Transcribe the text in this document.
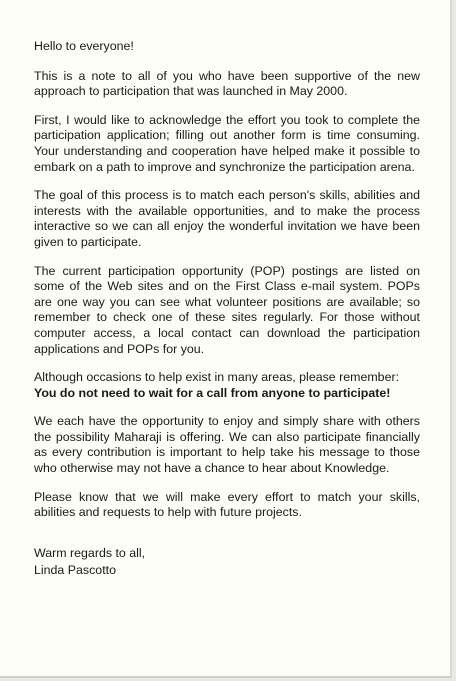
Hello to everyone!

This is a note to all of you who have been supportive of the new approach to participation that was launched in May 2000.

First, I would like to acknowledge the effort you took to complete the participation application; filling out another form is time consuming. Your understanding and cooperation have helped make it possible to embark on a path to improve and synchronize the participation arena.

The goal of this process is to match each person's skills, abilities and interests with the available opportunities, and to make the process interactive so we can all enjoy the wonderful invitation we have been given to participate.

The current participation opportunity (POP) postings are listed on some of the Web sites and on the First Class e-mail system. POPs are one way you can see what volunteer positions are available; so remember to check one of these sites regularly. For those without computer access, a local contact can download the participation applications and POPs for you.

Although occasions to help exist in many areas, please remember:
You do not need to wait for a call from anyone to participate!

We each have the opportunity to enjoy and simply share with others the possibility Maharaji is offering. We can also participate financially as every contribution is important to help take his message to those who otherwise may not have a chance to hear about Knowledge.

Please know that we will make every effort to match your skills, abilities and requests to help with future projects.

Warm regards to all,
Linda Pascotto
